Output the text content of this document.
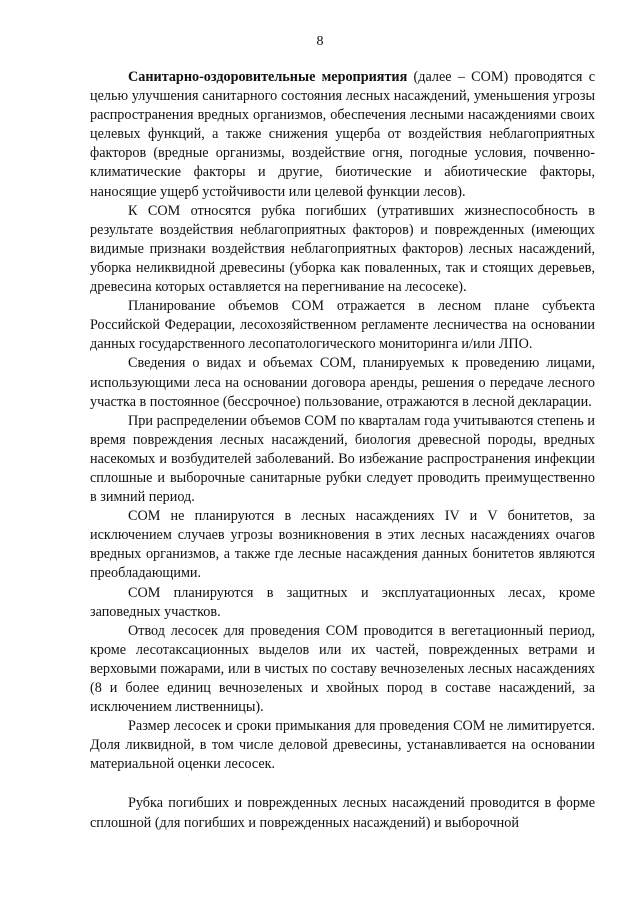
8

Санитарно-оздоровительные мероприятия (далее – СОМ) проводятся с целью улучшения санитарного состояния лесных насаждений, уменьшения угрозы распространения вредных организмов, обеспечения лесными насаждениями своих целевых функций, а также снижения ущерба от воздействия неблагоприятных факторов (вредные организмы, воздействие огня, погодные условия, почвенно-климатические факторы и другие, биотические и абиотические факторы, наносящие ущерб устойчивости или целевой функции лесов).

К СОМ относятся рубка погибших (утративших жизнеспособность в результате воздействия неблагоприятных факторов) и поврежденных (имеющих видимые признаки воздействия неблагоприятных факторов) лесных насаждений, уборка неликвидной древесины (уборка как поваленных, так и стоящих деревьев, древесина которых оставляется на перегнивание на лесосеке).

Планирование объемов СОМ отражается в лесном плане субъекта Российской Федерации, лесохозяйственном регламенте лесничества на основании данных государственного лесопатологического мониторинга и/или ЛПО.

Сведения о видах и объемах СОМ, планируемых к проведению лицами, использующими леса на основании договора аренды, решения о передаче лесного участка в постоянное (бессрочное) пользование, отражаются в лесной декларации.

При распределении объемов СОМ по кварталам года учитываются степень и время повреждения лесных насаждений, биология древесной породы, вредных насекомых и возбудителей заболеваний. Во избежание распространения инфекции сплошные и выборочные санитарные рубки следует проводить преимущественно в зимний период.

СОМ не планируются в лесных насаждениях IV и V бонитетов, за исключением случаев угрозы возникновения в этих лесных насаждениях очагов вредных организмов, а также где лесные насаждения данных бонитетов являются преобладающими.

СОМ планируются в защитных и эксплуатационных лесах, кроме заповедных участков.

Отвод лесосек для проведения СОМ проводится в вегетационный период, кроме лесотаксационных выделов или их частей, поврежденных ветрами и верховыми пожарами, или в чистых по составу вечнозеленых лесных насаждениях (8 и более единиц вечнозеленых и хвойных пород в составе насаждений, за исключением лиственницы).

Размер лесосек и сроки примыкания для проведения СОМ не лимитируется. Доля ликвидной, в том числе деловой древесины, устанавливается на основании материальной оценки лесосек.

Рубка погибших и поврежденных лесных насаждений проводится в форме сплошной (для погибших и поврежденных насаждений) и выборочной
